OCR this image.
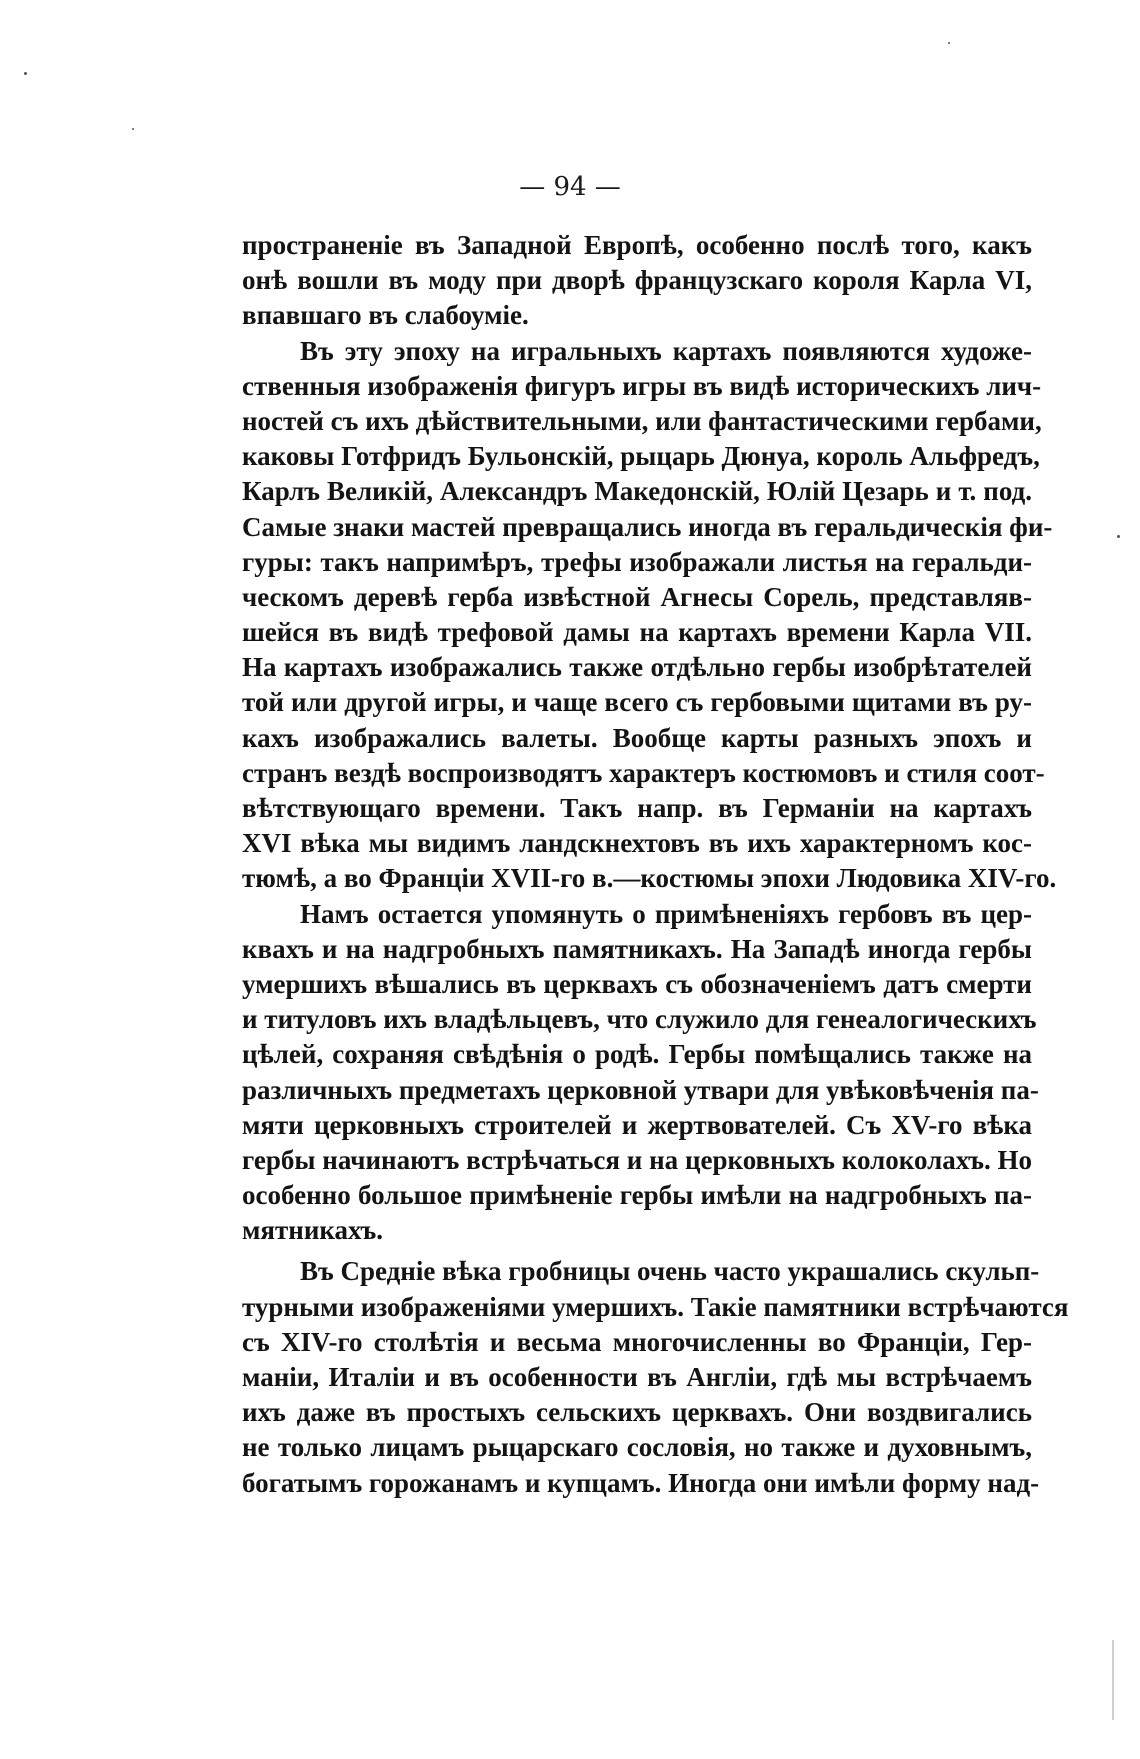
— 94 —

пространеніе въ Западной Европѣ, особенно послѣ того, какъ
онѣ вошли въ моду при дворѣ французскаго короля Карла VI,
впавшаго въ слабоуміе.
Въ эту эпоху на игральныхъ картахъ появляются художе-
ственныя изображенія фигуръ игры въ видѣ историческихъ лич-
ностей съ ихъ дѣйствительными, или фантастическими гербами,
каковы Готфридъ Бульонскій, рыцарь Дюнуа, король Альфредъ,
Карлъ Великій, Александръ Македонскій, Юлій Цезарь и т. под.
Самые знаки мастей превращались иногда въ геральдическія фи-
гуры: такъ напримѣръ, трефы изображали листья на геральди-
ческомъ деревѣ герба извѣстной Агнесы Сорель, представляв-
шейся въ видѣ трефовой дамы на картахъ времени Карла VII.
На картахъ изображались также отдѣльно гербы изобрѣтателей
той или другой игры, и чаще всего съ гербовыми щитами въ ру-
кахъ изображались валеты. Вообще карты разныхъ эпохъ и
странъ вездѣ воспроизводятъ характеръ костюмовъ и стиля соот-
вѣтствующаго времени. Такъ напр. въ Германіи на картахъ
XVI вѣка мы видимъ ландскнехтовъ въ ихъ характерномъ кос-
тюмѣ, а во Франціи XVII-го в.—костюмы эпохи Людовика XIV-го.
Намъ остается упомянуть о примѣненіяхъ гербовъ въ цер-
квахъ и на надгробныхъ памятникахъ. На Западѣ иногда гербы
умершихъ вѣшались въ церквахъ съ обозначеніемъ датъ смерти
и титуловъ ихъ владѣльцевъ, что служило для генеалогическихъ
цѣлей, сохраняя свѣдѣнія о родѣ. Гербы помѣщались также на
различныхъ предметахъ церковной утвари для увѣковѣченія па-
мяти церковныхъ строителей и жертвователей. Съ XV-го вѣка
гербы начинаютъ встрѣчаться и на церковныхъ колоколахъ. Но
особенно большое примѣненіе гербы имѣли на надгробныхъ па-
мятникахъ.
Въ Средніе вѣка гробницы очень часто украшались скульп-
турными изображеніями умершихъ. Такіе памятники встрѣчаются
съ XIV-го столѣтія и весьма многочисленны во Франціи, Гер-
маніи, Италіи и въ особенности въ Англіи, гдѣ мы встрѣчаемъ
ихъ даже въ простыхъ сельскихъ церквахъ. Они воздвигались
не только лицамъ рыцарскаго сословія, но также и духовнымъ,
богатымъ горожанамъ и купцамъ. Иногда они имѣли форму над-
